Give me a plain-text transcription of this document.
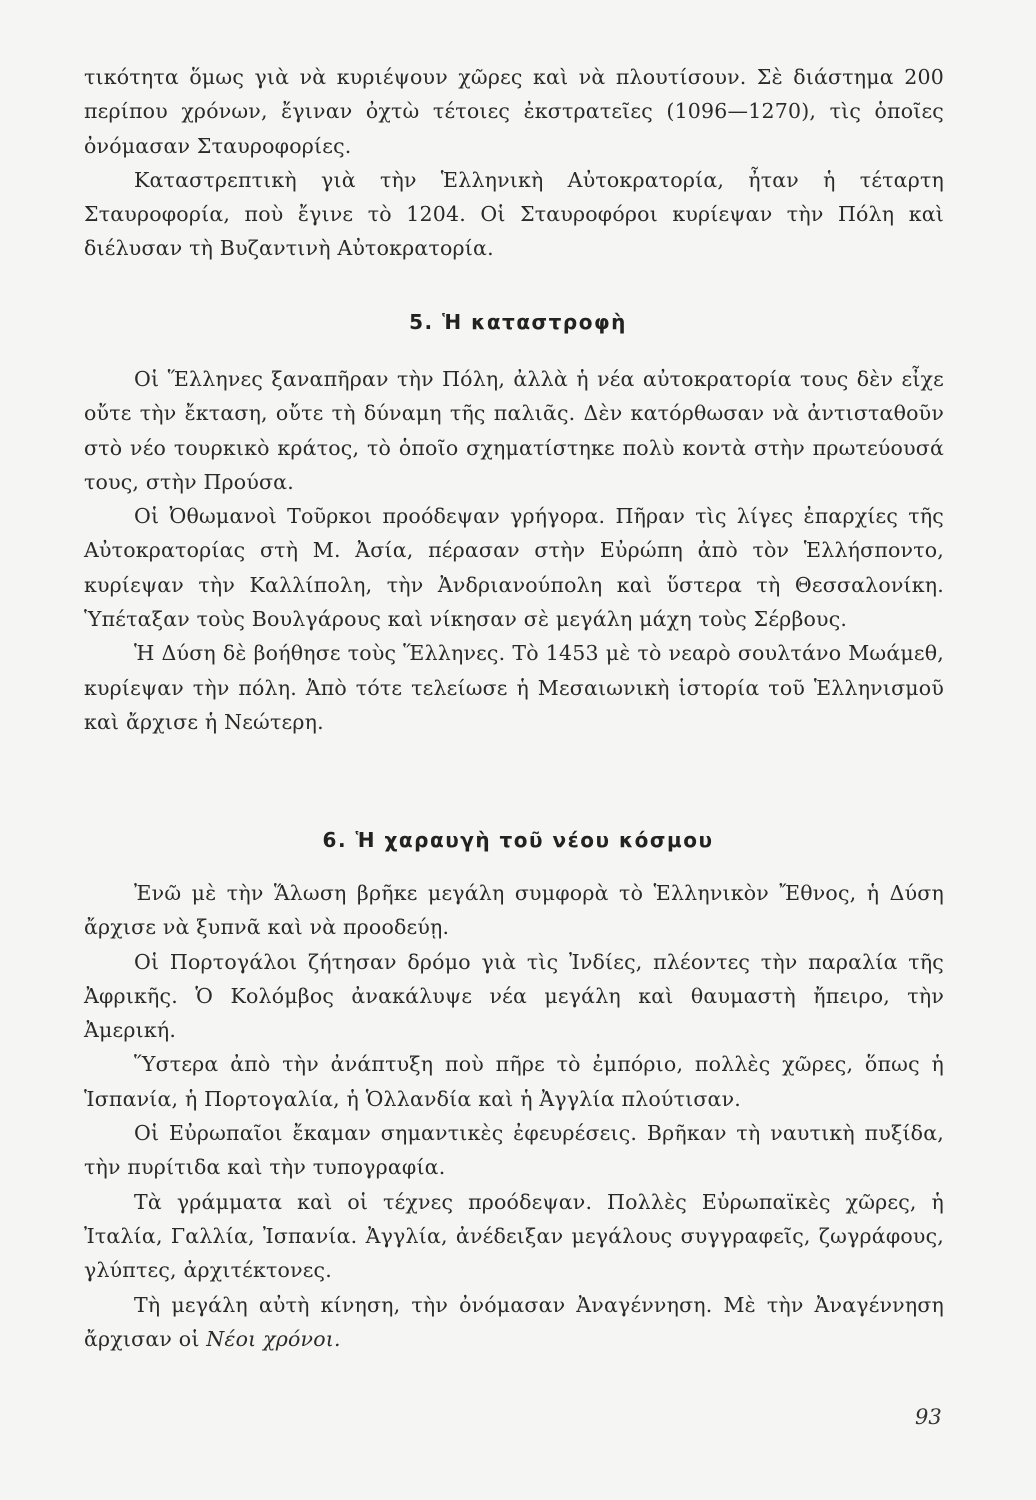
τικότητα ὅμως γιὰ νὰ κυριέψουν χῶρες καὶ νὰ πλουτίσουν. Σὲ διάστημα 200 περίπου χρόνων, ἔγιναν ὀχτὼ τέτοιες ἐκστρατεῖες (1096—1270), τὶς ὁποῖες ὀνόμασαν Σταυροφορίες.

Καταστρεπτικὴ γιὰ τὴν Ἑλληνικὴ Αὐτοκρατορία, ἦταν ἡ τέταρτη Σταυροφορία, ποὺ ἔγινε τὸ 1204. Οἱ Σταυροφόροι κυρίεψαν τὴν Πόλη καὶ διέλυσαν τὴ Βυζαντινὴ Αὐτοκρατορία.

5. Ἡ καταστροφὴ

Οἱ Ἕλληνες ξαναπῆραν τὴν Πόλη, ἀλλὰ ἡ νέα αὐτοκρατορία τους δὲν εἶχε οὔτε τὴν ἔκταση, οὔτε τὴ δύναμη τῆς παλιᾶς. Δὲν κατόρθωσαν νὰ ἀντισταθοῦν στὸ νέο τουρκικὸ κράτος, τὸ ὁποῖο σχηματίστηκε πολὺ κοντὰ στὴν πρωτεύουσά τους, στὴν Προύσα.

Οἱ Ὀθωμανοὶ Τοῦρκοι προόδεψαν γρήγορα. Πῆραν τὶς λίγες ἐπαρχίες τῆς Αὐτοκρατορίας στὴ Μ. Ἀσία, πέρασαν στὴν Εὐρώπη ἀπὸ τὸν Ἑλλήσποντο, κυρίεψαν τὴν Καλλίπολη, τὴν Ἀνδριανούπολη καὶ ὕστερα τὴ Θεσσαλονίκη. Ὑπέταξαν τοὺς Βουλγάρους καὶ νίκησαν σὲ μεγάλη μάχη τοὺς Σέρβους.

Ἡ Δύση δὲ βοήθησε τοὺς Ἕλληνες. Τὸ 1453 μὲ τὸ νεαρὸ σουλτάνο Μωάμεθ, κυρίεψαν τὴν πόλη. Ἀπὸ τότε τελείωσε ἡ Μεσαιωνικὴ ἱστορία τοῦ Ἑλληνισμοῦ καὶ ἄρχισε ἡ Νεώτερη.

6. Ἡ χαραυγὴ τοῦ νέου κόσμου

Ἐνῶ μὲ τὴν Ἅλωση βρῆκε μεγάλη συμφορὰ τὸ Ἑλληνικὸν Ἔθνος, ἡ Δύση ἄρχισε νὰ ξυπνᾶ καὶ νὰ προοδεύῃ.

Οἱ Πορτογάλοι ζήτησαν δρόμο γιὰ τὶς Ἰνδίες, πλέοντες τὴν παραλία τῆς Ἀφρικῆς. Ὁ Κολόμβος ἀνακάλυψε νέα μεγάλη καὶ θαυμαστὴ ἤπειρο, τὴν Ἀμερική.

Ὕστερα ἀπὸ τὴν ἀνάπτυξη ποὺ πῆρε τὸ ἐμπόριο, πολλὲς χῶρες, ὅπως ἡ Ἱσπανία, ἡ Πορτογαλία, ἡ Ὁλλανδία καὶ ἡ Ἀγγλία πλούτισαν.

Οἱ Εὐρωπαῖοι ἔκαμαν σημαντικὲς ἐφευρέσεις. Βρῆκαν τὴ ναυτικὴ πυξίδα, τὴν πυρίτιδα καὶ τὴν τυπογραφία.

Τὰ γράμματα καὶ οἱ τέχνες προόδεψαν. Πολλὲς Εὐρωπαϊκὲς χῶρες, ἡ Ἰταλία, Γαλλία, Ἰσπανία. Ἀγγλία, ἀνέδειξαν μεγάλους συγγραφεῖς, ζωγράφους, γλύπτες, ἀρχιτέκτονες.

Τὴ μεγάλη αὐτὴ κίνηση, τὴν ὀνόμασαν Ἀναγέννηση. Μὲ τὴν Ἀναγέννηση ἄρχισαν οἱ Νέοι χρόνοι.

93
